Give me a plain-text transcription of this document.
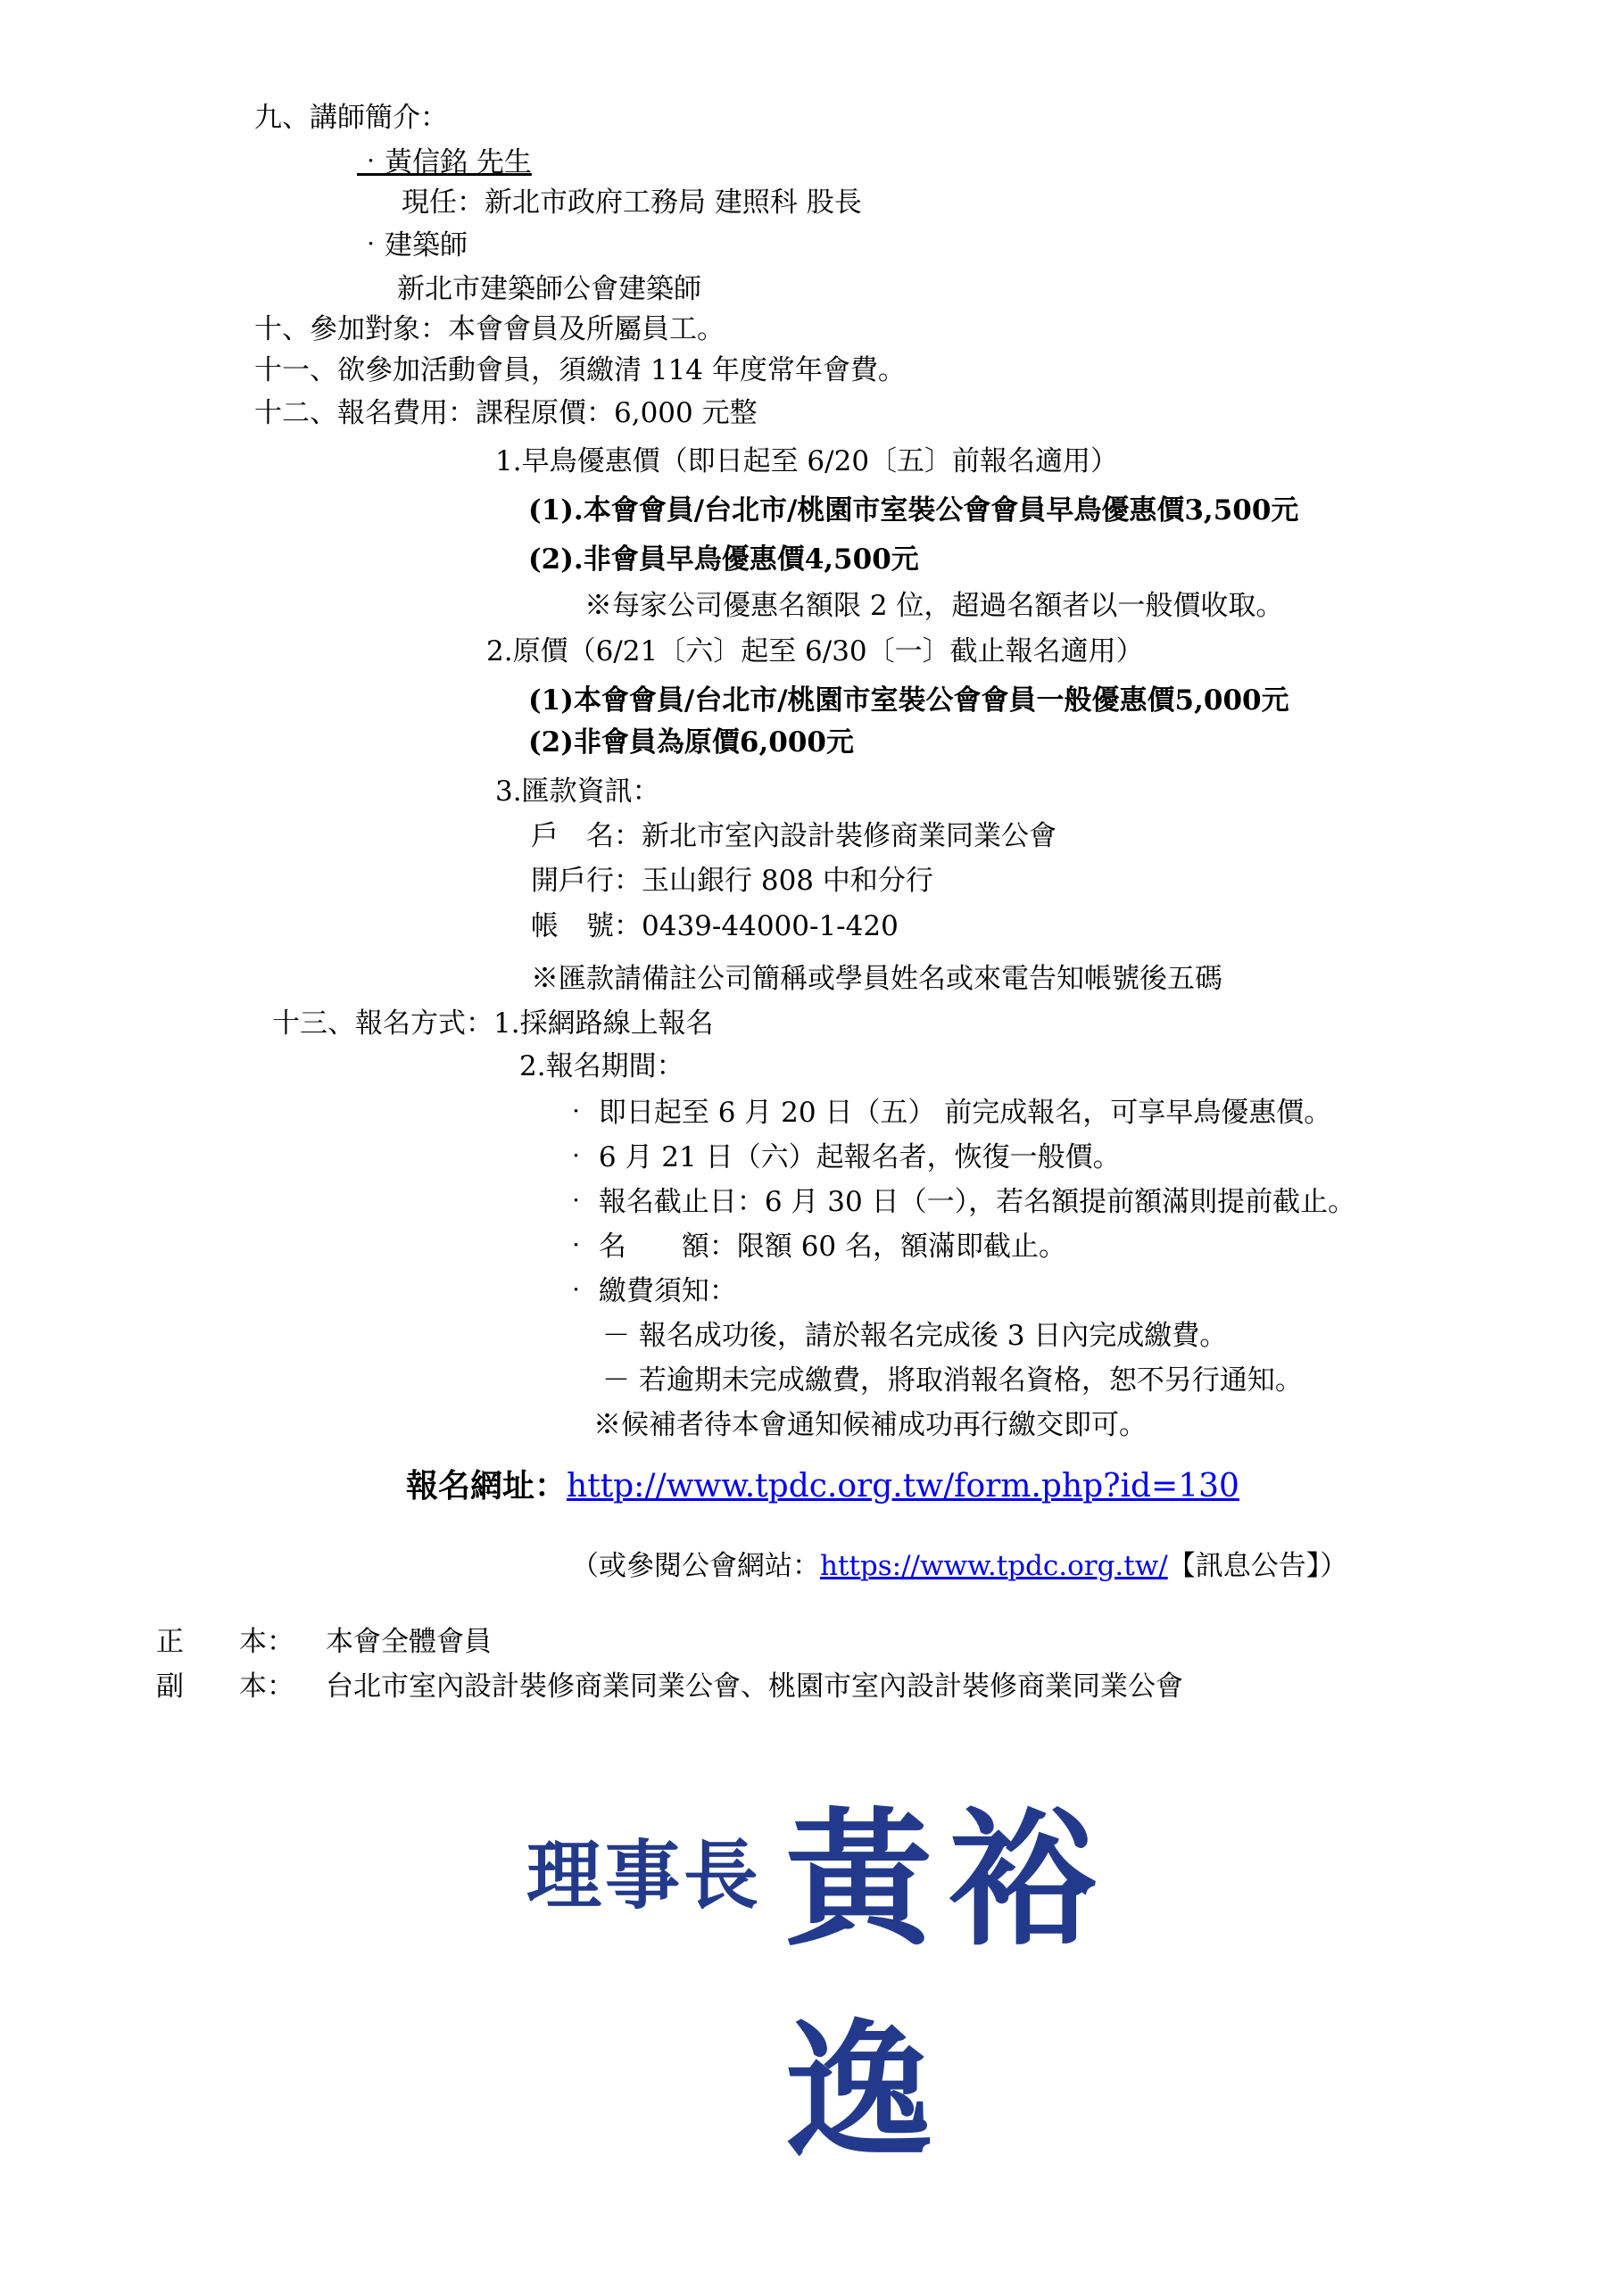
九、講師簡介：
‧黃信銘 先生
現任：新北市政府工務局 建照科 股長
‧建築師
新北市建築師公會建築師
十、參加對象：本會會員及所屬員工。
十一、欲參加活動會員，須繳清 114 年度常年會費。
十二、報名費用：課程原價：6,000 元整
1.早鳥優惠價（即日起至 6/20〔五〕前報名適用）
(1).本會會員/台北市/桃園市室裝公會會員早鳥優惠價3,500元
(2).非會員早鳥優惠價4,500元
※每家公司優惠名額限 2 位，超過名額者以一般價收取。
2.原價（6/21〔六〕起至 6/30〔一〕截止報名適用）
(1)本會會員/台北市/桃園市室裝公會會員一般優惠價5,000元
(2)非會員為原價6,000元
3.匯款資訊：
戶　名：新北市室內設計裝修商業同業公會
開戶行：玉山銀行 808 中和分行
帳　號：0439-44000-1-420
※匯款請備註公司簡稱或學員姓名或來電告知帳號後五碼
十三、報名方式：1.採網路線上報名
2.報名期間：
‧ 即日起至 6 月 20 日（五） 前完成報名，可享早鳥優惠價。
‧ 6 月 21 日（六）起報名者，恢復一般價。
‧ 報名截止日：6 月 30 日（一），若名額提前額滿則提前截止。
‧ 名　　額：限額 60 名，額滿即截止。
‧ 繳費須知：
－ 報名成功後，請於報名完成後 3 日內完成繳費。
－ 若逾期未完成繳費，將取消報名資格，恕不另行通知。
※候補者待本會通知候補成功再行繳交即可。
報名網址：http://www.tpdc.org.tw/form.php?id=130
（或參閱公會網站：https://www.tpdc.org.tw/【訊息公告】）
正　　本： 本會全體會員
副　　本： 台北市室內設計裝修商業同業公會、桃園市室內設計裝修商業同業公會
理事長 黃裕逸
